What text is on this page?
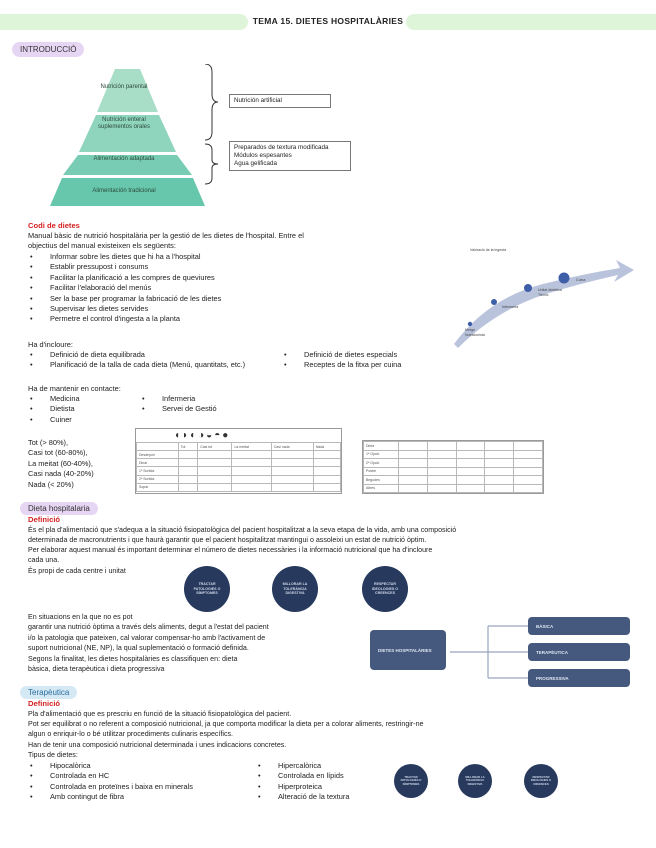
TEMA 15. DIETES HOSPITALÀRIES
INTRODUCCIÓ
Nutrición parental
Nutrición enteral suplementos orales
Alimentación adaptada
Alimentación tradicional
Nutrición artificial
Preparados de textura modificada
Módulos espesantes
Agua gelificada
Codi de dietes
Manual bàsic de nutrició hospitalària per la gestió de les dietes de l'hospital. Entre el
objectius del manual existeixen els següents:
• Informar sobre les dietes que hi ha a l'hospital
• Establir pressupost i consums
• Facilitar la planificació a les compres de queviures
• Facilitar l'elaboració del menús
• Ser la base per programar la fabricació de les dietes
• Supervisar les dietes servides
• Permetre el control d'ingesta a la planta
Valoració de la ingesta
Infermeria
Unitat dietètica Tècnic
Cuina
Metge Nutricionista
Ha d'incloure:
• Definició de dieta equilibrada
• Planificació de la talla de cada dieta (Menú, quantitats, etc.)
• Definició de dietes especials
• Receptes de la fitxa per cuina
Ha de mantenir en contacte:
• Medicina
• Dietista
• Cuiner
• Infermeria
• Servei de Gestió
Tot (> 80%),
Casi tot (60-80%),
La meitat (60-40%),
Casi nada (40-20%)
Nada (< 20%)
◖◗◐◑◒◓●
	Tot	Casi tot	La meitat	Casi nada	Nada
Desdejuni					
Dinar					
1ª Sortida					
2ª Sortida					
Sopar					
Dieta					
1ª Opció					
2ª Opció					
Postre					
Begudes					
Altres					
Dieta hospitalaria
Definició
És el pla d'alimentació que s'adequa a la situació fisiopatològica del pacient hospitalitzat a la seva etapa de la vida, amb una composició
determinada de macronutrients i que haurà garantir que el pacient hospitalitzat mantingui o assoleixi un estat de nutrició òptim.
Per elaborar aquest manual és important determinar el número de dietes necessàries i la informació nutricional que ha d'incloure
cada una.
És propi de cada centre i unitat
TRACTAR PATOLOGIES O SÍMPTOMES
MILLORAR LA TOLERÀNCIA DIGESTIVA
RESPECTAR IDEOLOGIES O CREENCES
En situacions en la que no es pot
garantir una nutrició òptima a través dels aliments, degut a l'estat del pacient
i/o la patologia que pateixen, cal valorar compensar-ho amb l'activament de
suport nutricional (NE, NP), la qual suplementació o formació definida.
Segons la finalitat, les dietes hospitalàries es classifiquen en: dieta
bàsica, dieta terapèutica i dieta progressiva
DIETES HOSPITALÀRIES
BÀSICA
TERAPÈUTICA
PROGRESSIVA
Terapèutica
Definició
Pla d'alimentació que es prescriu en funció de la situació fisiopatològica del pacient.
Pot ser equilibrat o no referent a composició nutricional, ja que comporta modificar la dieta per a colorar aliments, restringir-ne
algun o enriquir-lo o bé utilitzar procediments culinaris específics.
Han de tenir una composició nutricional determinada i unes indicacions concretes.
Tipus de dietes:
• Hipocalòrica
• Controlada en HC
• Controlada en proteïnes i baixa en minerals
• Amb contingut de fibra
• Hipercalòrica
• Controlada en lípids
• Hiperproteica
• Alteració de la textura
TRACTAR PATOLOGIES O SÍMPTOMES
MILLORAR LA TOLERÀNCIA DIGESTIVA
RESPECTAR IDEOLOGIES O CREENCES
